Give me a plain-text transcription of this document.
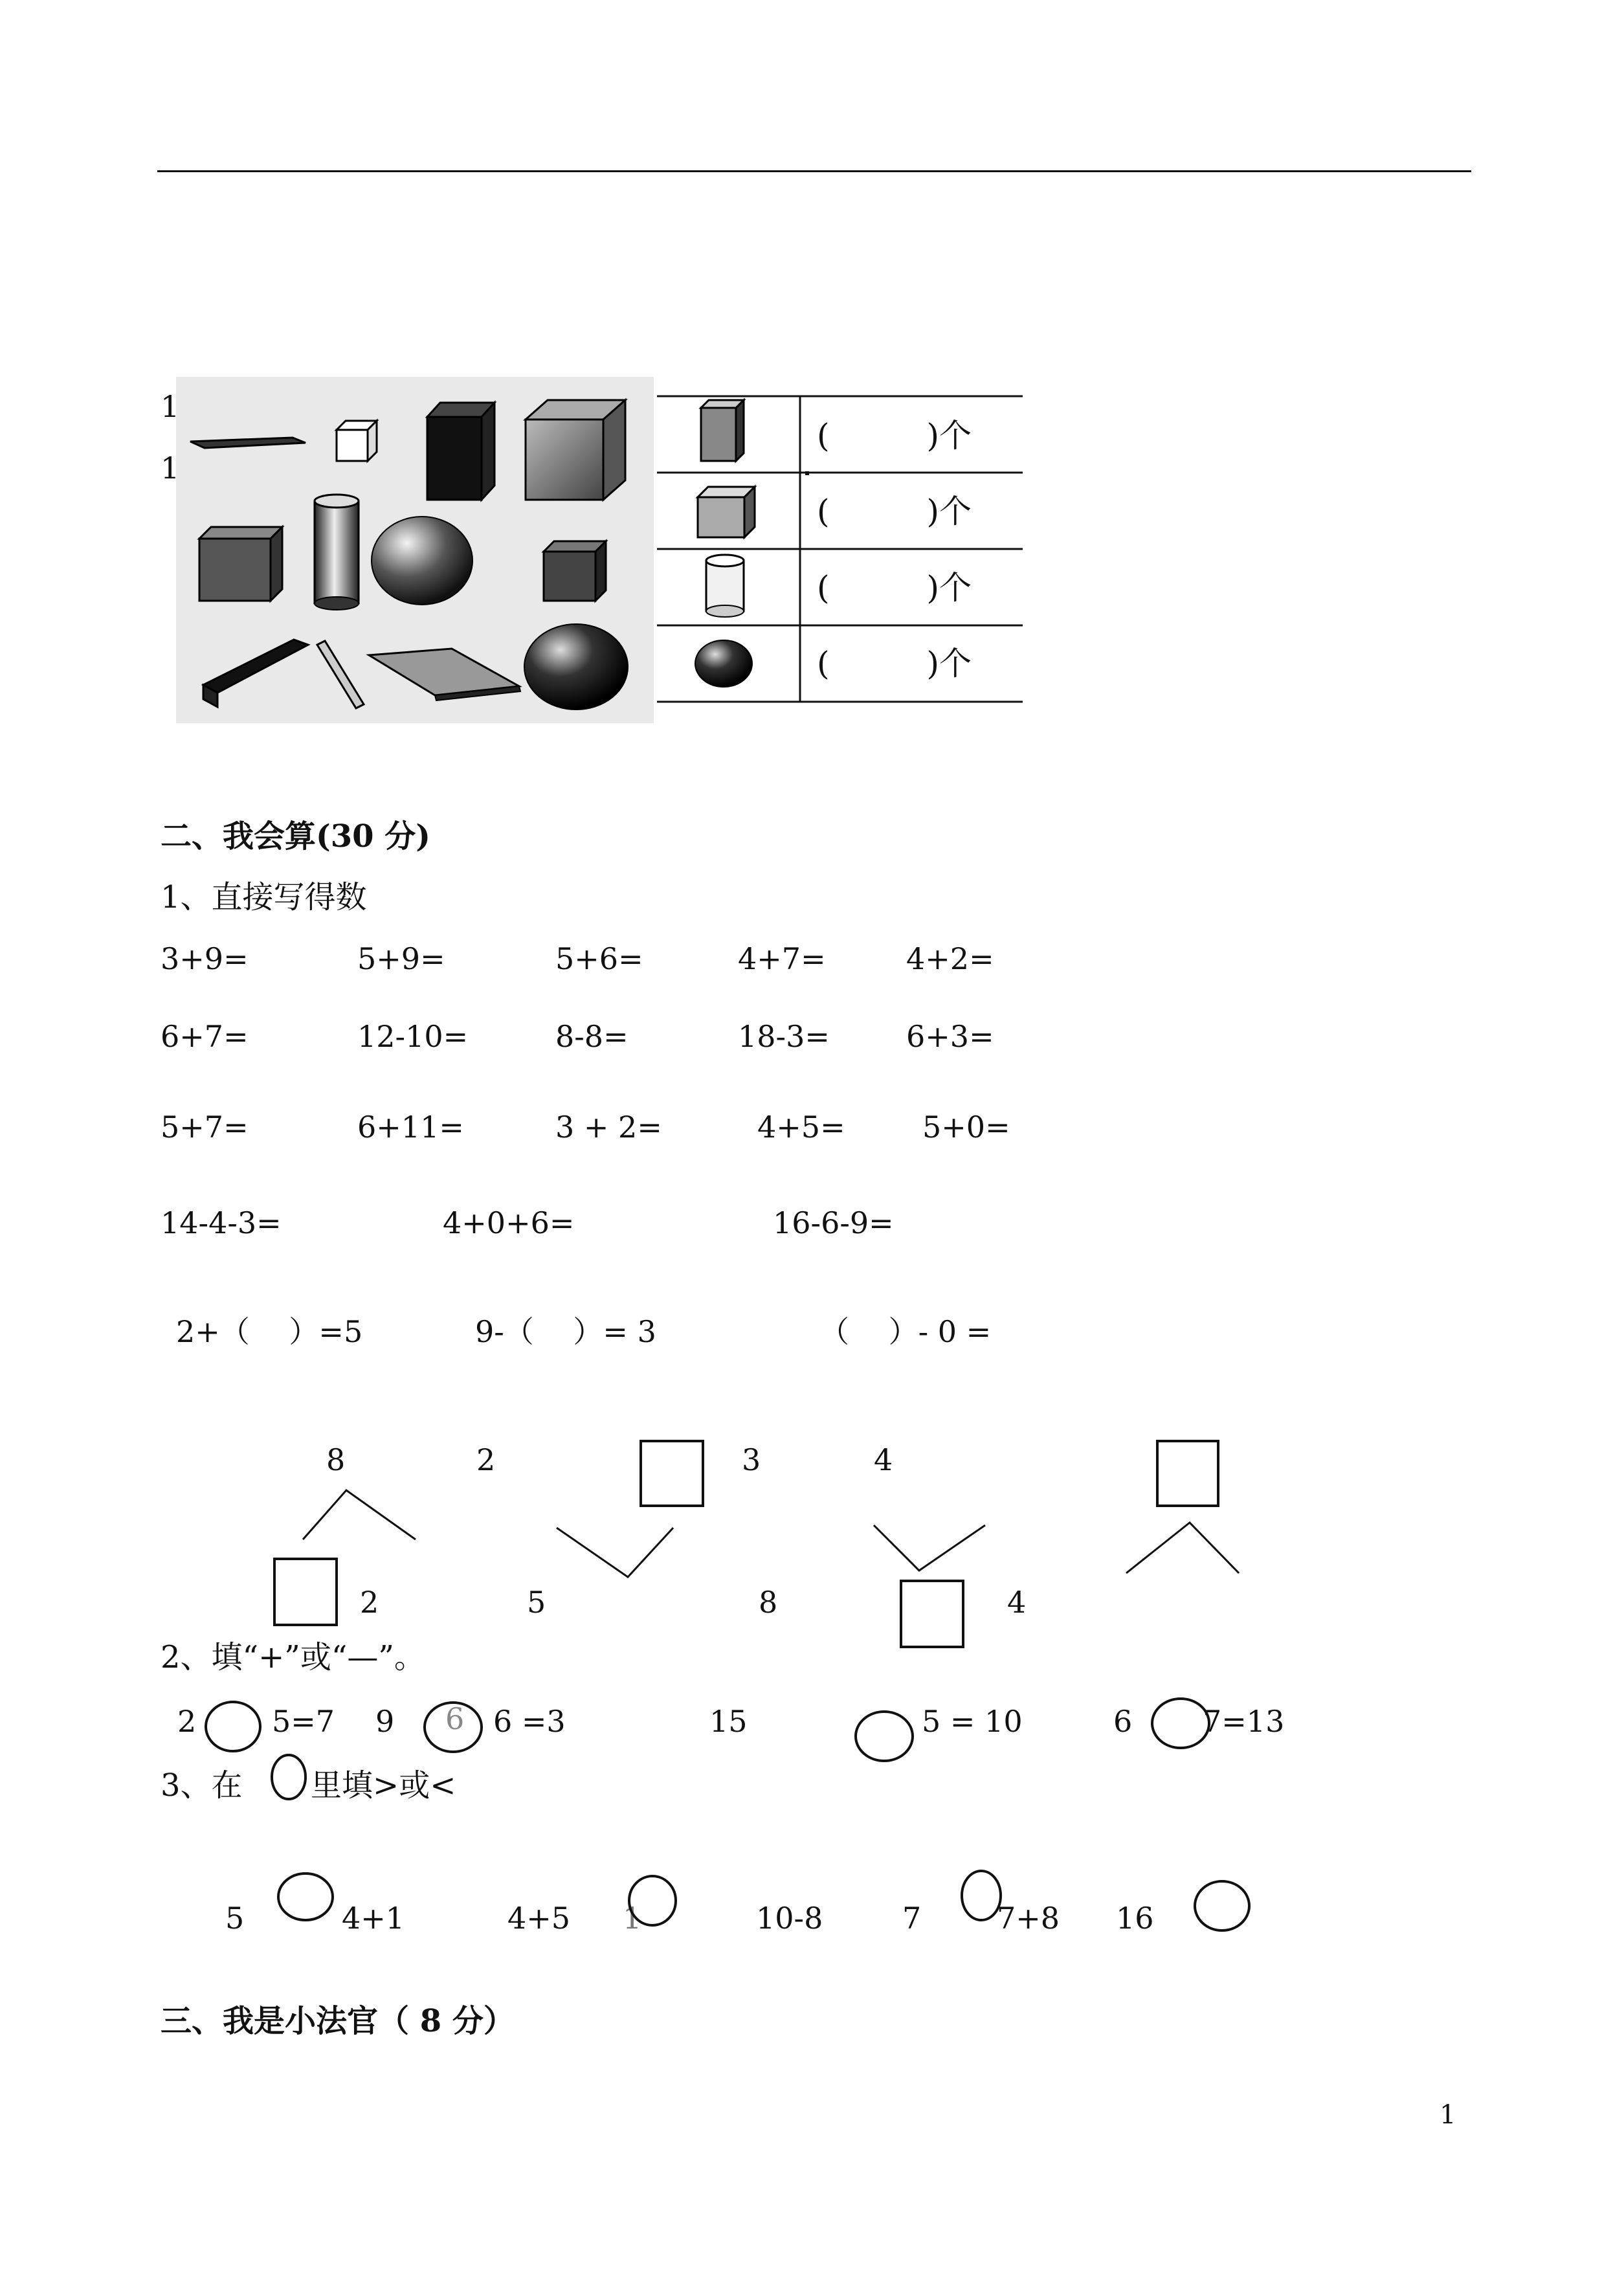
1
1
(　　　)个
(　　　)个
(　　　)个
(　　　)个
二、我会算(30 分)
1、直接写得数
3+9=	5+9=	5+6=	4+7=	4+2=
6+7=	12-10=	8-8=	18-3=	6+3=
5+7=	6+11=	3 + 2=	4+5=	5+0=
14-4-3=	4+0+6=	16-6-9=
2+（　 ）=5	9-（　 ）= 3	（　 ）- 0 =
8	2	3	4
2	5	8	4
2、填“+”或“—”。
2	5=7 9 6 6 =3	15	5 = 10	6 7=13
3、在 里填>或<
5	4+1	4+5 1	10-8	7	7+8 16
三、我是小法官（ 8 分）
1
